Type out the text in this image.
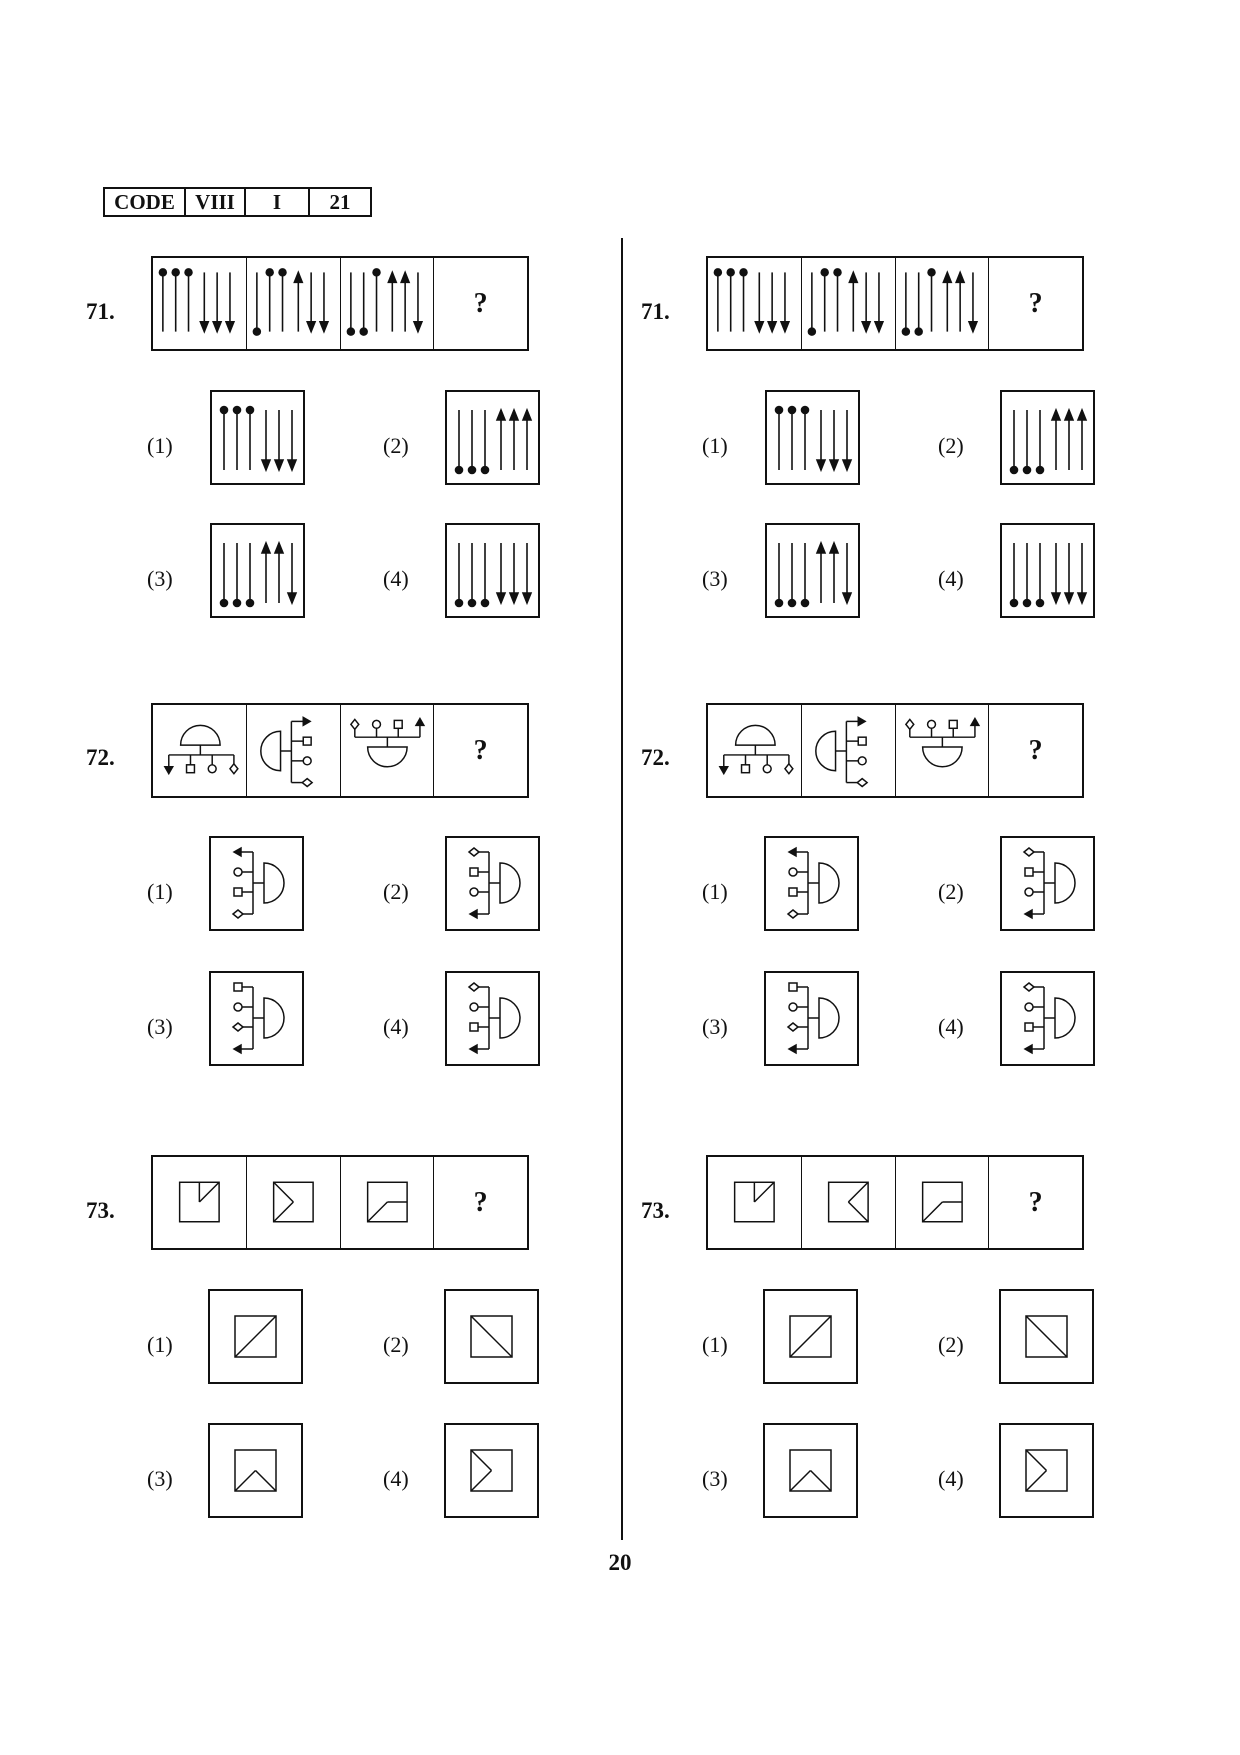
CODE	VIII	I	21
71.	?
(1)	(2)
(3)	(4)
72.	?
(1)	(2)
(3)	(4)
73.	?
(1)	(2)
(3)	(4)
71.	?
(1)	(2)
(3)	(4)
72.	?
(1)	(2)
(3)	(4)
73.	?
(1)	(2)
(3)	(4)
20
